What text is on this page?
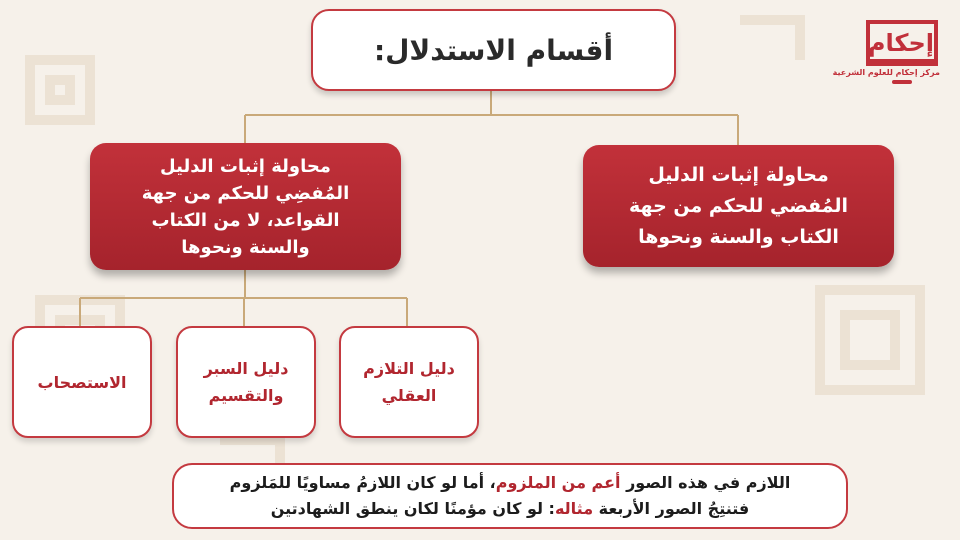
أقسام الاستدلال:
محاولة إثبات الدليل
المُفضي للحكم من جهة
الكتاب والسنة ونحوها
محاولة إثبات الدليل
المُفضِي للحكم من جهة
القواعد، لا من الكتاب
والسنة ونحوها
دليل التلازم العقلي
دليل السبر والتقسيم
الاستصحاب
اللازم في هذه الصور أعم من الملزوم، أما لو كان اللازمُ مساويًا للمَلزوم
فتنتِجُ الصور الأربعة مثاله: لو كان مؤمنًا لكان ينطق الشهادتين
إحكام
مركز إحكام للعلوم الشرعية
